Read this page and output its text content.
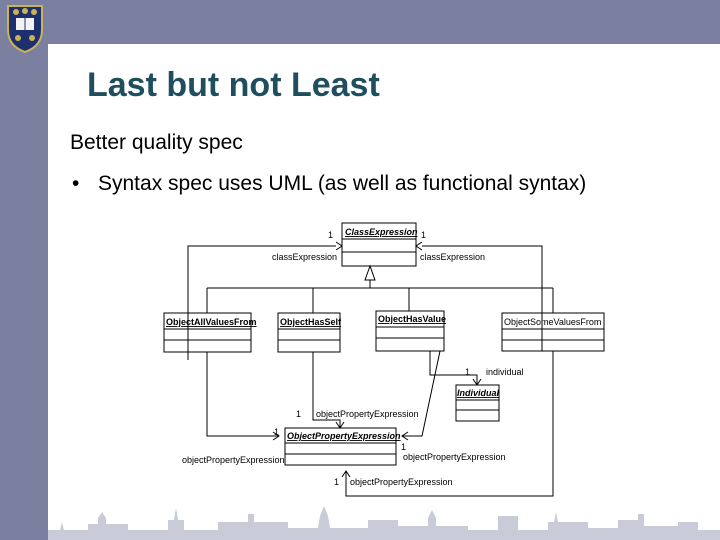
Last but not Least
Better quality spec
• Syntax spec uses UML (as well as functional syntax)
ClassExpression
ObjectAllValuesFrom	ObjectHasSelf	ObjectHasValue	ObjectSomeValuesFrom
Individual
ObjectPropertyExpression
1
classExpression
1
classExpression
1 individual
1 objectPropertyExpression
1
objectPropertyExpression
1
objectPropertyExpression
1 objectPropertyExpression
